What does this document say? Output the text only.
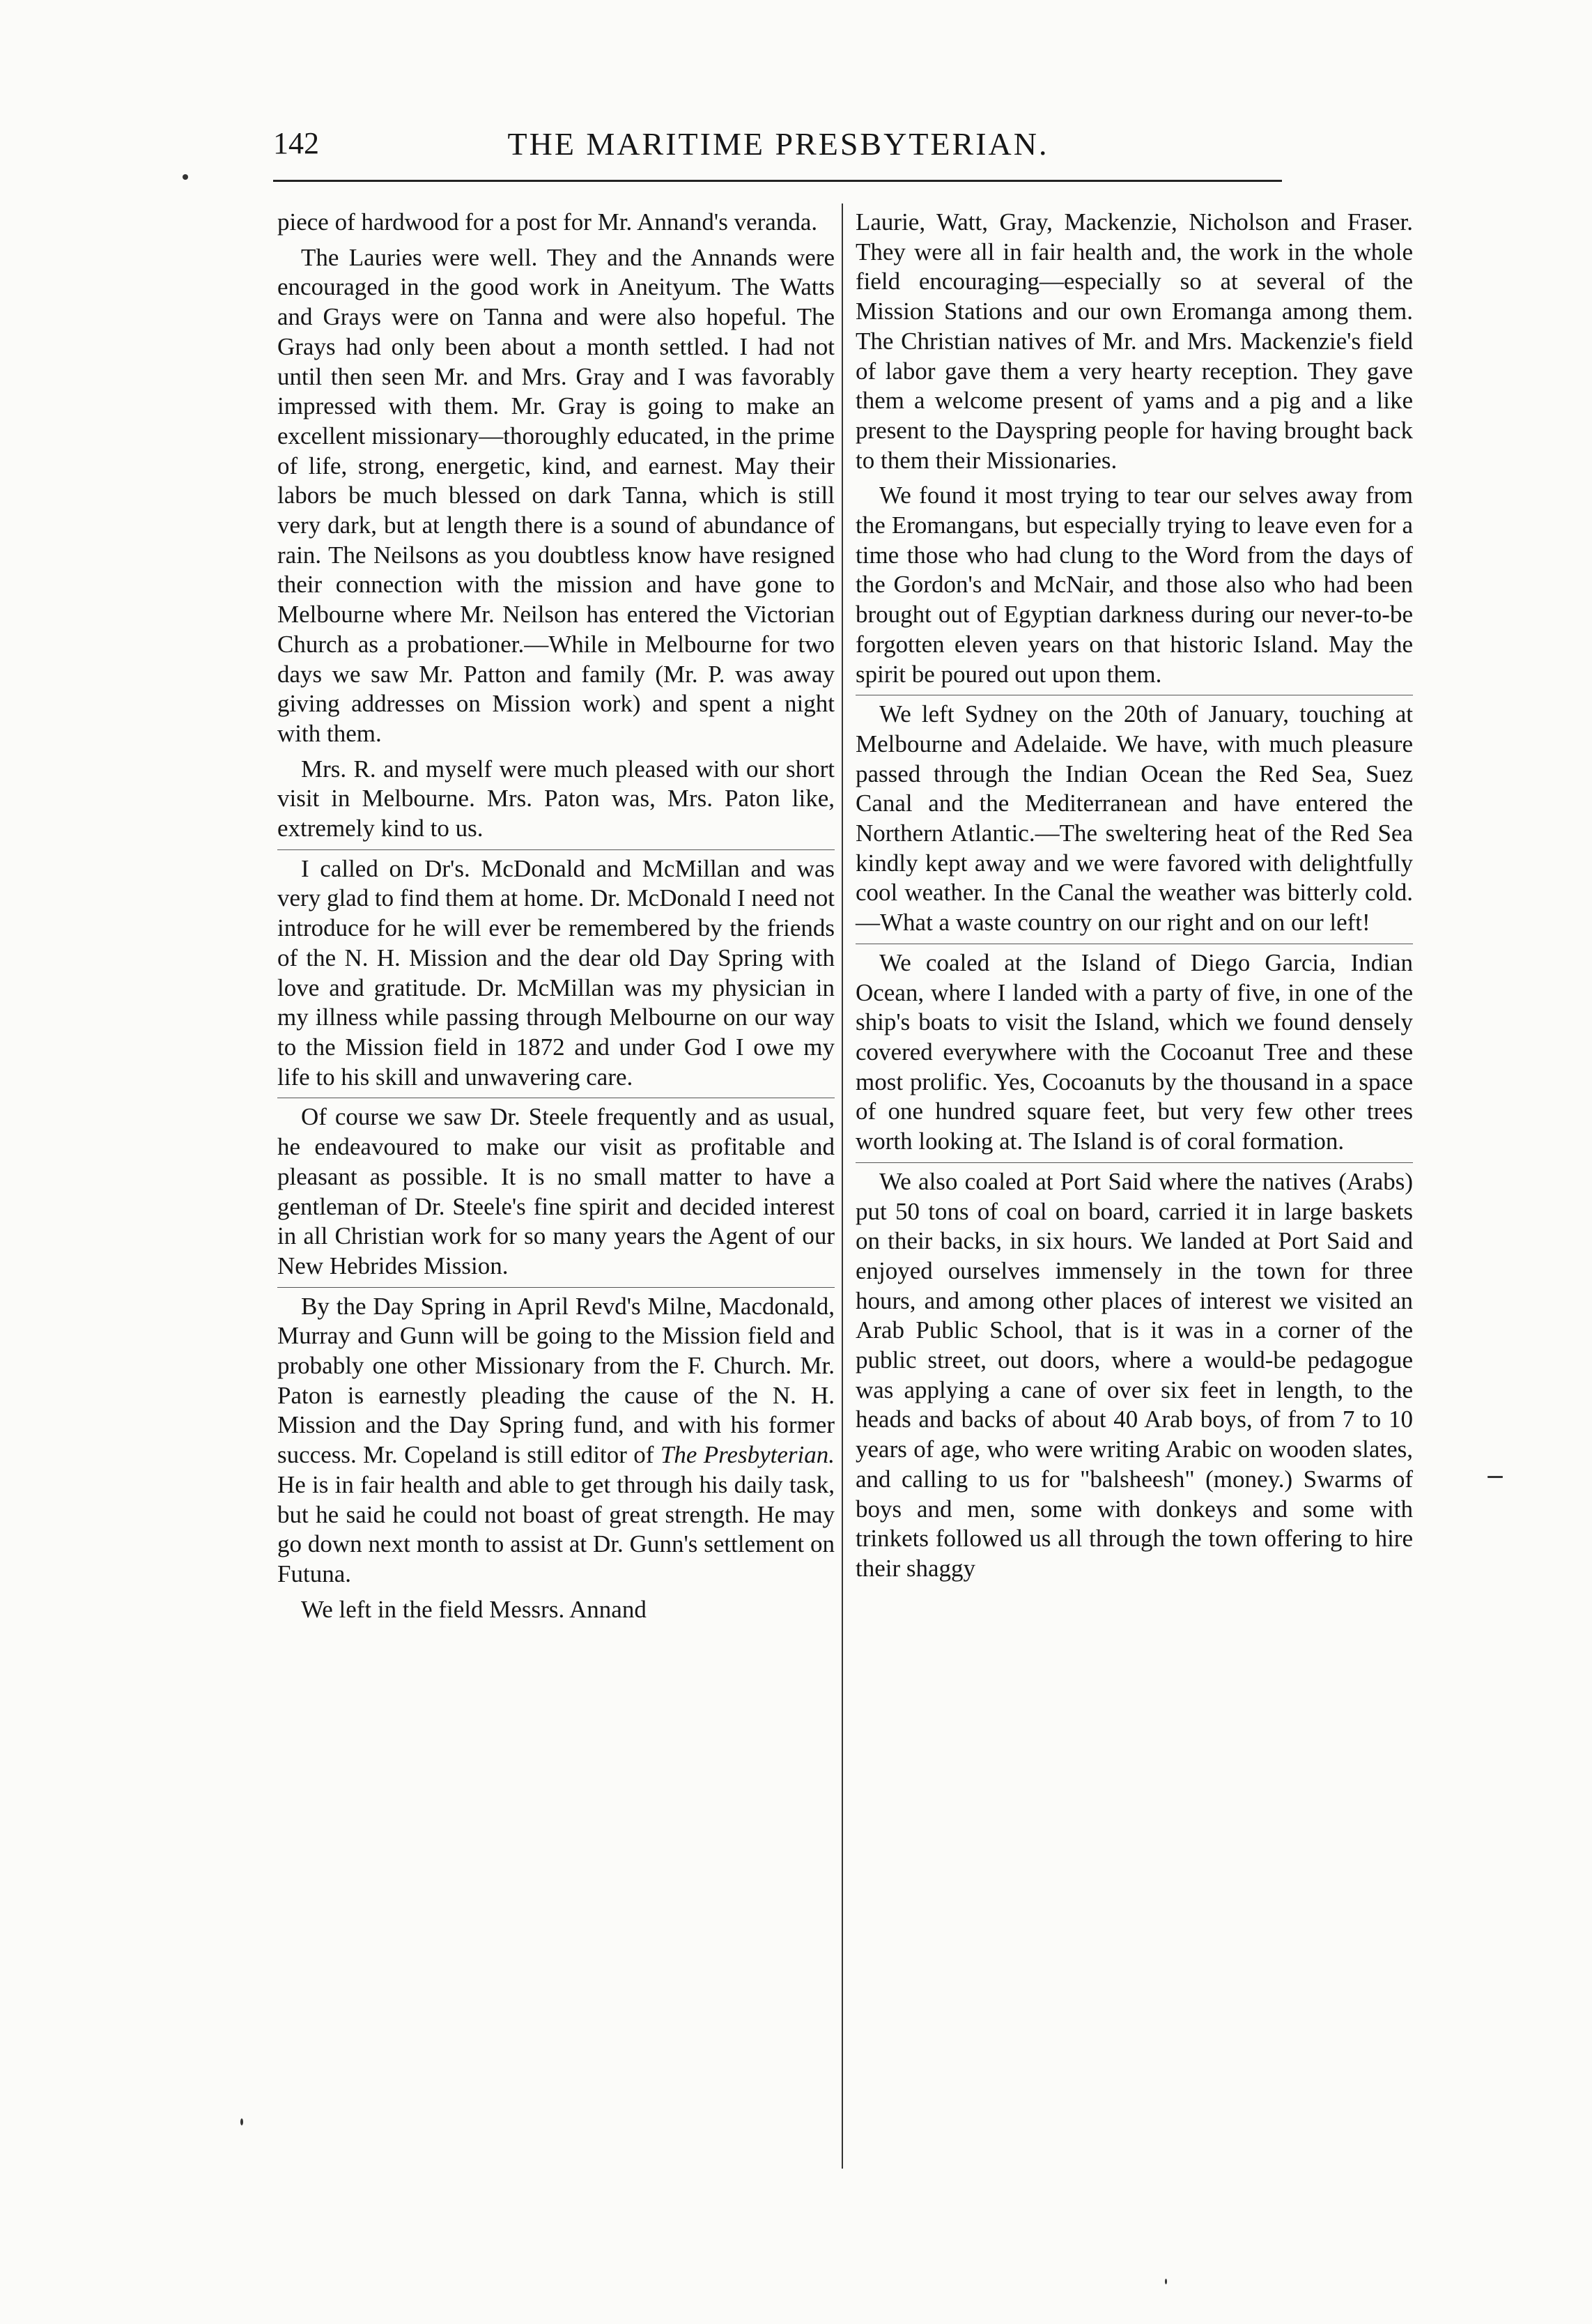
142	THE MARITIME PRESBYTERIAN.

piece of hardwood for a post for Mr. Annand's veranda.

The Lauries were well. They and the Annands were encouraged in the good work in Aneityum. The Watts and Grays were on Tanna and were also hopeful. The Grays had only been about a month settled. I had not until then seen Mr. and Mrs. Gray and I was favorably impressed with them. Mr. Gray is going to make an excellent missionary—thoroughly educated, in the prime of life, strong, energetic, kind, and earnest. May their labors be much blessed on dark Tanna, which is still very dark, but at length there is a sound of abundance of rain. The Neilsons as you doubtless know have resigned their connection with the mission and have gone to Melbourne where Mr. Neilson has entered the Victorian Church as a probationer.—While in Melbourne for two days we saw Mr. Patton and family (Mr. P. was away giving addresses on Mission work) and spent a night with them.

Mrs. R. and myself were much pleased with our short visit in Melbourne. Mrs. Paton was, Mrs. Paton like, extremely kind to us.

I called on Dr's. McDonald and McMillan and was very glad to find them at home. Dr. McDonald I need not introduce for he will ever be remembered by the friends of the N. H. Mission and the dear old Day Spring with love and gratitude. Dr. McMillan was my physician in my illness while passing through Melbourne on our way to the Mission field in 1872 and under God I owe my life to his skill and unwavering care.

Of course we saw Dr. Steele frequently and as usual, he endeavoured to make our visit as profitable and pleasant as possible. It is no small matter to have a gentleman of Dr. Steele's fine spirit and decided interest in all Christian work for so many years the Agent of our New Hebrides Mission.

By the Day Spring in April Revd's Milne, Macdonald, Murray and Gunn will be going to the Mission field and probably one other Missionary from the F. Church. Mr. Paton is earnestly pleading the cause of the N. H. Mission and the Day Spring fund, and with his former success. Mr. Copeland is still editor of The Presbyterian. He is in fair health and able to get through his daily task, but he said he could not boast of great strength. He may go down next month to assist at Dr. Gunn's settlement on Futuna.

We left in the field Messrs. Annand

Laurie, Watt, Gray, Mackenzie, Nicholson and Fraser. They were all in fair health and, the work in the whole field encouraging—especially so at several of the Mission Stations and our own Eromanga among them. The Christian natives of Mr. and Mrs. Mackenzie's field of labor gave them a very hearty reception. They gave them a welcome present of yams and a pig and a like present to the Dayspring people for having brought back to them their Missionaries.

We found it most trying to tear our selves away from the Eromangans, but especially trying to leave even for a time those who had clung to the Word from the days of the Gordon's and McNair, and those also who had been brought out of Egyptian darkness during our never-to-be forgotten eleven years on that historic Island. May the spirit be poured out upon them.

We left Sydney on the 20th of January, touching at Melbourne and Adelaide. We have, with much pleasure passed through the Indian Ocean the Red Sea, Suez Canal and the Mediterranean and have entered the Northern Atlantic.—The sweltering heat of the Red Sea kindly kept away and we were favored with delightfully cool weather. In the Canal the weather was bitterly cold.—What a waste country on our right and on our left!

We coaled at the Island of Diego Garcia, Indian Ocean, where I landed with a party of five, in one of the ship's boats to visit the Island, which we found densely covered everywhere with the Cocoanut Tree and these most prolific. Yes, Cocoanuts by the thousand in a space of one hundred square feet, but very few other trees worth looking at. The Island is of coral formation.

We also coaled at Port Said where the natives (Arabs) put 50 tons of coal on board, carried it in large baskets on their backs, in six hours. We landed at Port Said and enjoyed ourselves immensely in the town for three hours, and among other places of interest we visited an Arab Public School, that is it was in a corner of the public street, out doors, where a would-be pedagogue was applying a cane of over six feet in length, to the heads and backs of about 40 Arab boys, of from 7 to 10 years of age, who were writing Arabic on wooden slates, and calling to us for "balsheesh" (money.) Swarms of boys and men, some with donkeys and some with trinkets followed us all through the town offering to hire their shaggy
